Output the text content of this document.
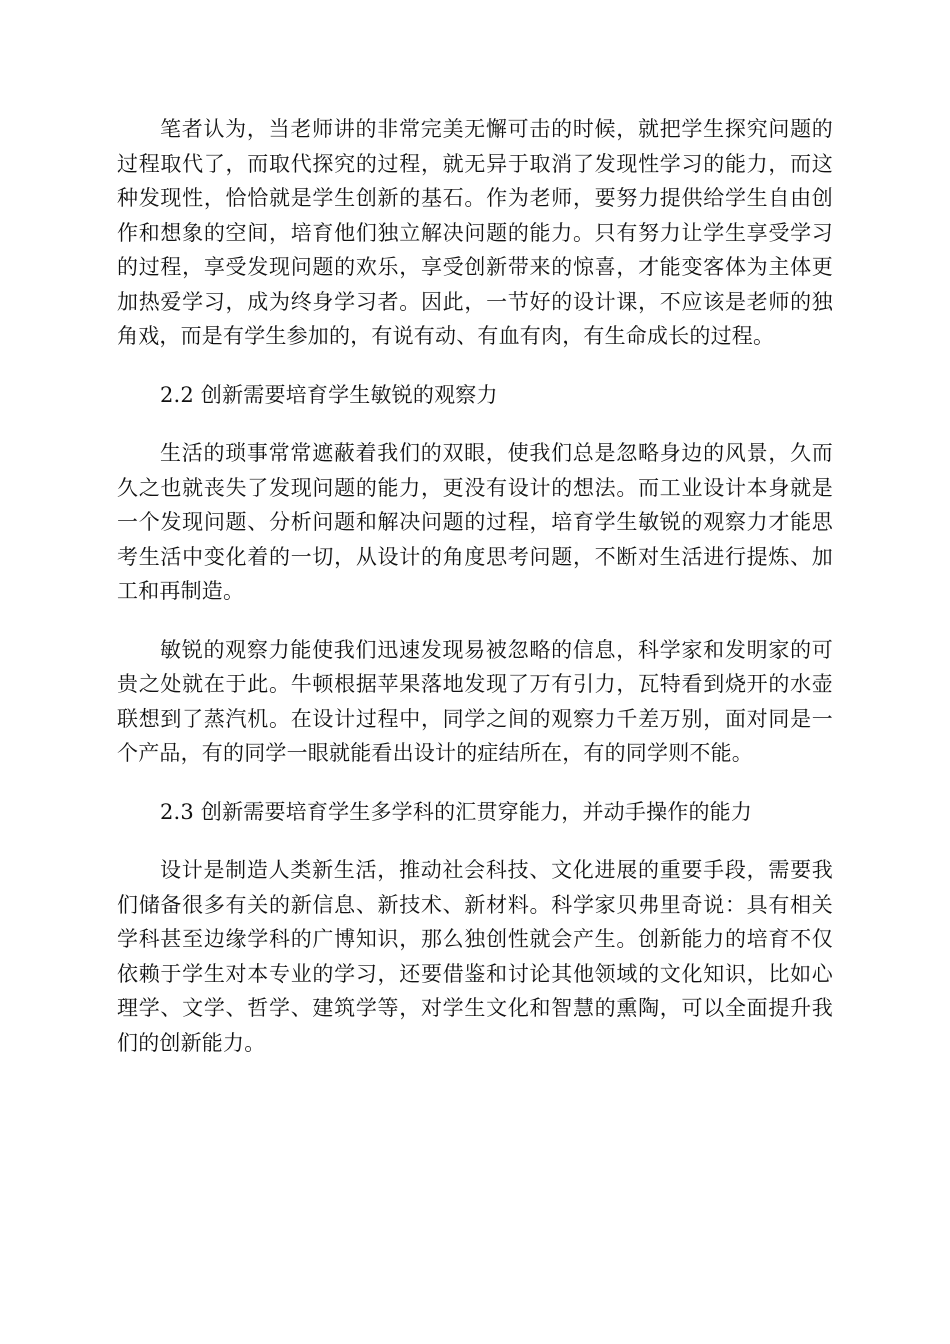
笔者认为，当老师讲的非常完美无懈可击的时候，就把学生探究问题的过程取代了，而取代探究的过程，就无异于取消了发现性学习的能力，而这种发现性，恰恰就是学生创新的基石。作为老师，要努力提供给学生自由创作和想象的空间，培育他们独立解决问题的能力。只有努力让学生享受学习的过程，享受发现问题的欢乐，享受创新带来的惊喜，才能变客体为主体更加热爱学习，成为终身学习者。因此，一节好的设计课，不应该是老师的独角戏，而是有学生参加的，有说有动、有血有肉，有生命成长的过程。

2.2 创新需要培育学生敏锐的观察力

生活的琐事常常遮蔽着我们的双眼，使我们总是忽略身边的风景，久而久之也就丧失了发现问题的能力，更没有设计的想法。而工业设计本身就是一个发现问题、分析问题和解决问题的过程，培育学生敏锐的观察力才能思考生活中变化着的一切，从设计的角度思考问题，不断对生活进行提炼、加工和再制造。

敏锐的观察力能使我们迅速发现易被忽略的信息，科学家和发明家的可贵之处就在于此。牛顿根据苹果落地发现了万有引力，瓦特看到烧开的水壶联想到了蒸汽机。在设计过程中，同学之间的观察力千差万别，面对同是一个产品，有的同学一眼就能看出设计的症结所在，有的同学则不能。

2.3 创新需要培育学生多学科的汇贯穿能力，并动手操作的能力

设计是制造人类新生活，推动社会科技、文化进展的重要手段，需要我们储备很多有关的新信息、新技术、新材料。科学家贝弗里奇说：具有相关学科甚至边缘学科的广博知识，那么独创性就会产生。创新能力的培育不仅依赖于学生对本专业的学习，还要借鉴和讨论其他领域的文化知识，比如心理学、文学、哲学、建筑学等，对学生文化和智慧的熏陶，可以全面提升我们的创新能力。
